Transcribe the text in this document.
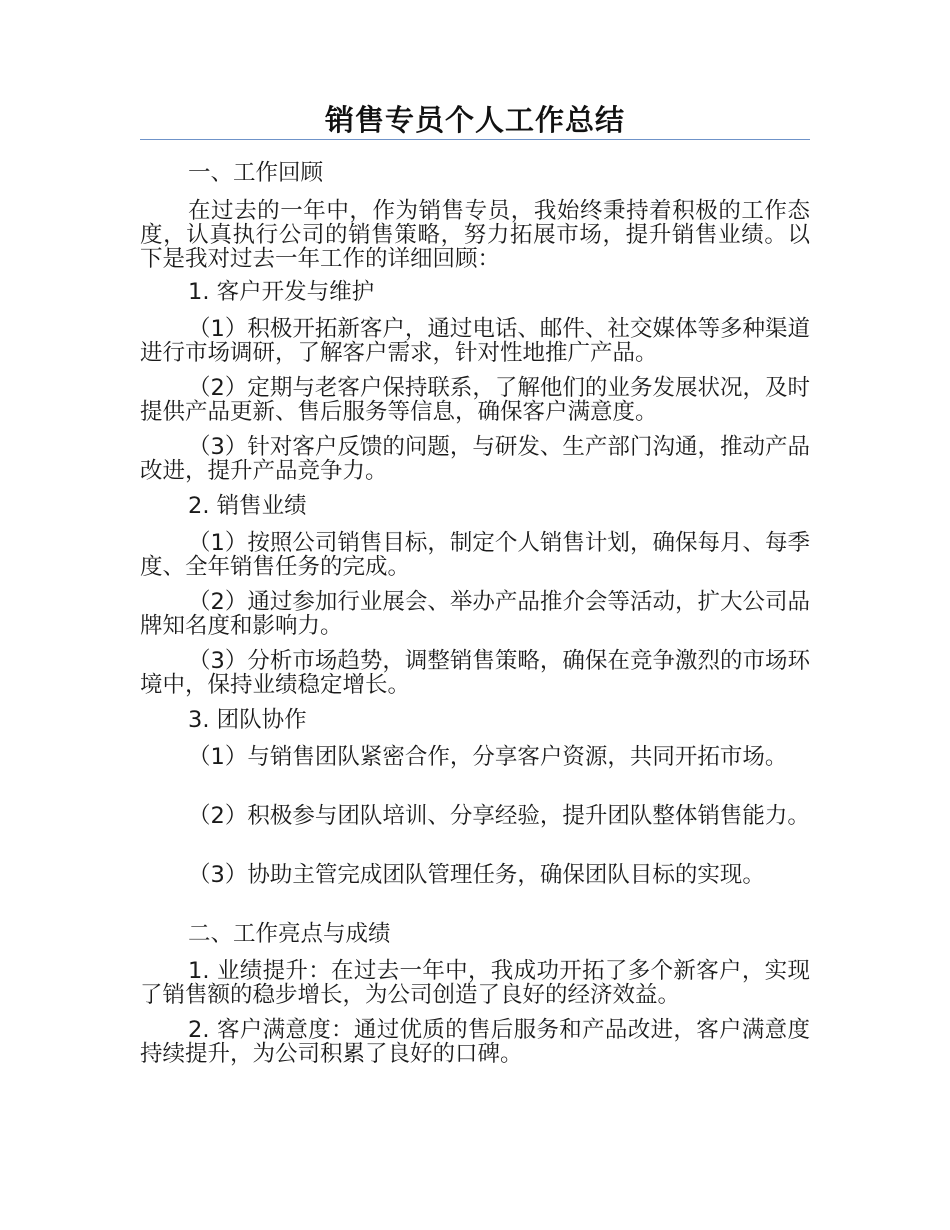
销售专员个人工作总结
一、工作回顾
在过去的一年中，作为销售专员，我始终秉持着积极的工作态度，认真执行公司的销售策略，努力拓展市场，提升销售业绩。以下是我对过去一年工作的详细回顾：
1. 客户开发与维护
（1）积极开拓新客户，通过电话、邮件、社交媒体等多种渠道进行市场调研，了解客户需求，针对性地推广产品。
（2）定期与老客户保持联系，了解他们的业务发展状况，及时提供产品更新、售后服务等信息，确保客户满意度。
（3）针对客户反馈的问题，与研发、生产部门沟通，推动产品改进，提升产品竞争力。
2. 销售业绩
（1）按照公司销售目标，制定个人销售计划，确保每月、每季度、全年销售任务的完成。
（2）通过参加行业展会、举办产品推介会等活动，扩大公司品牌知名度和影响力。
（3）分析市场趋势，调整销售策略，确保在竞争激烈的市场环境中，保持业绩稳定增长。
3. 团队协作
（1）与销售团队紧密合作，分享客户资源，共同开拓市场。
（2）积极参与团队培训、分享经验，提升团队整体销售能力。
（3）协助主管完成团队管理任务，确保团队目标的实现。
二、工作亮点与成绩
1. 业绩提升：在过去一年中，我成功开拓了多个新客户，实现了销售额的稳步增长，为公司创造了良好的经济效益。
2. 客户满意度：通过优质的售后服务和产品改进，客户满意度持续提升，为公司积累了良好的口碑。
